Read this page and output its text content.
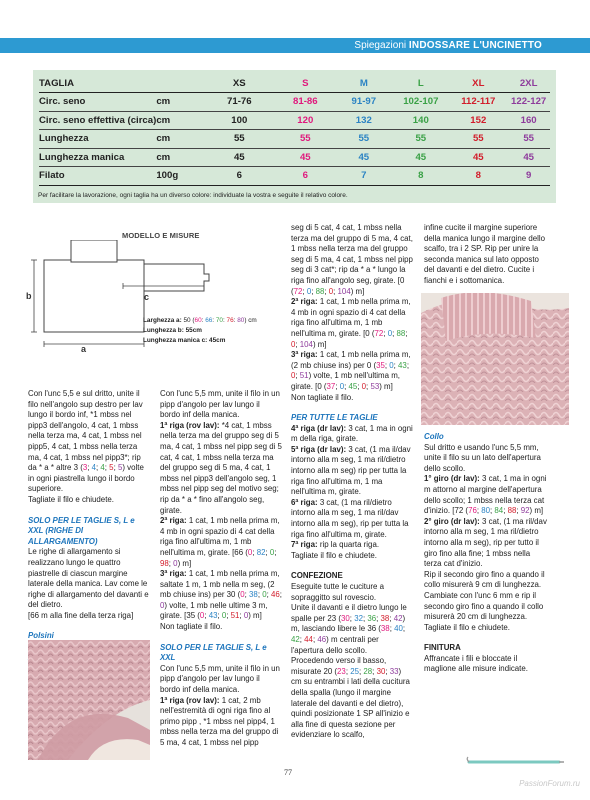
Spiegazioni INDOSSARE L'UNCINETTO
TAGLIA		XS	S	M	L	XL	2XL
Circ. seno	cm	71-76	81-86	91-97	102-107	112-117	122-127
Circ. seno effettiva (circa)	cm	100	120	132	140	152	160
Lunghezza	cm	55	55	55	55	55	55
Lunghezza manica	cm	45	45	45	45	45	45
Filato	100g	6	6	7	8	8	9
Per facilitare la lavorazione, ogni taglia ha un diverso colore: individuate la vostra e seguite il relativo colore.
MODELLO E MISURE
b
a
c
Larghezza a: 50 (60: 66: 70: 76: 80) cm
Lunghezza b: 55cm
Lunghezza manica c: 45cm

Con l'unc 5,5 e sul dritto, unite il filo nell'angolo sup destro per lav lungo il bordo inf, *1 mbss nel pipp3 dell'angolo, 4 cat, 1 mbss nella terza ma, 4 cat, 1 mbss nel pipp5, 4 cat, 1 mbss nella terza ma, 4 cat, 1 mbss nel pipp3*; rip da * a * altre 3 (3; 4; 4; 5; 5) volte in ogni piastrella lungo il bordo superiore.

Tagliate il filo e chiudete.

SOLO PER LE TAGLIE S, L e XXL (RIGHE DI ALLARGAMENTO)

Le righe di allargamento si realizzano lungo le quattro piastrelle di ciascun margine laterale della manica. Lav come le righe di allargamento del davanti e del dietro.

[66 m alla fine della terza riga]

Polsini

Con l'unc 5,5 mm, unite il filo in un pipp d'angolo per lav lungo il bordo inf della manica.

1ª riga (rov lav): *4 cat, 1 mbss nella terza ma del gruppo seg di 5 ma, 4 cat, 1 mbss nel pipp seg di 5 cat, 4 cat, 1 mbss nella terza ma del gruppo seg di 5 ma, 4 cat, 1 mbss nel pipp3 dell'angolo seg, 1 mbss nel pipp seg del motivo seg; rip da * a * fino all'angolo seg, girate.

2ª riga: 1 cat, 1 mb nella prima m, 4 mb in ogni spazio di 4 cat della riga fino all'ultima m, 1 mb nell'ultima m, girate. [66 (0; 82; 0; 98; 0) m]

3ª riga: 1 cat, 1 mb nella prima m, saltate 1 m, 1 mb nella m seg, (2 mb chiuse ins) per 30 (0; 38; 0; 46; 0) volte, 1 mb nelle ultime 3 m, girate. [35 (0; 43; 0; 51; 0) m]

Non tagliate il filo.

SOLO PER LE TAGLIE S, L e XXL

Con l'unc 5,5 mm, unite il filo in un pipp d'angolo per lav lungo il bordo inf della manica.

1ª riga (rov lav): 1 cat, 2 mb nell'estremità di ogni riga fino al primo pipp , *1 mbss nel pipp4, 1 mbss nella terza ma del gruppo di 5 ma, 4 cat, 1 mbss nel pipp

seg di 5 cat, 4 cat, 1 mbss nella terza ma del gruppo di 5 ma, 4 cat, 1 mbss nella terza ma del gruppo seg di 5 ma, 4 cat, 1 mbss nel pipp seg di 3 cat*; rip da * a * lungo la riga fino all'angolo seg, girate. [0 (72; 0; 88; 0; 104) m]

2ª riga: 1 cat, 1 mb nella prima m, 4 mb in ogni spazio di 4 cat della riga fino all'ultima m, 1 mb nell'ultima m, girate. [0 (72; 0; 88; 0; 104) m]

3ª riga: 1 cat, 1 mb nella prima m, (2 mb chiuse ins) per 0 (35; 0; 43; 0; 51) volte, 1 mb nell'ultima m, girate. [0 (37; 0; 45; 0; 53) m]

Non tagliate il filo.

PER TUTTE LE TAGLIE

4ª riga (dr lav): 3 cat, 1 ma in ogni m della riga, girate.

5ª riga (dr lav): 3 cat, (1 ma il/dav intorno alla m seg, 1 ma ril/dietro intorno alla m seg) rip per tutta la riga fino all'ultima m, 1 ma nell'ultima m, girate.

6ª riga: 3 cat, (1 ma ril/dietro intorno alla m seg, 1 ma ril/dav intorno alla m seg), rip per tutta la riga fino all'ultima m, girate.

7ª riga: rip la quarta riga.

Tagliate il filo e chiudete.

CONFEZIONE

Eseguite tutte le cuciture a sopraggitto sul rovescio.

Unite il davanti e il dietro lungo le spalle per 23 (30; 32; 36; 38; 42) m, lasciando libere le 36 (38; 40; 42; 44; 46) m centrali per l'apertura dello scollo.

Procedendo verso il basso, misurate 20 (23; 25; 28; 30; 33) cm su entrambi i lati della cucitura della spalla (lungo il margine laterale del davanti e del dietro), quindi posizionate 1 SP all'inizio e alla fine di questa sezione per evidenziare lo scalfo,

infine cucite il margine superiore della manica lungo il margine dello scalfo, tra i 2 SP. Rip per unire la seconda manica sul lato opposto del davanti e del dietro. Cucite i fianchi e i sottomanica.

Collo

Sul dritto e usando l'unc 5,5 mm, unite il filo su un lato dell'apertura dello scollo.

1° giro (dr lav): 3 cat, 1 ma in ogni m attorno al margine dell'apertura dello scollo; 1 mbss nella terza cat d'inizio. [72 (76; 80; 84; 88; 92) m]

2° giro (dr lav): 3 cat, (1 ma ril/dav intorno alla m seg, 1 ma ril/dietro intorno alla m seg), rip per tutto il giro fino alla fine; 1 mbss nella terza cat d'inizio.

Rip il secondo giro fino a quando il collo misurerà 9 cm di lunghezza. Cambiate con l'unc 6 mm e rip il secondo giro fino a quando il collo misurerà 20 cm di lunghezza.

Tagliate il filo e chiudete.

FINITURA

Affrancate i fili e bloccate il maglione alle misure indicate.

77
PassionForum.ru
